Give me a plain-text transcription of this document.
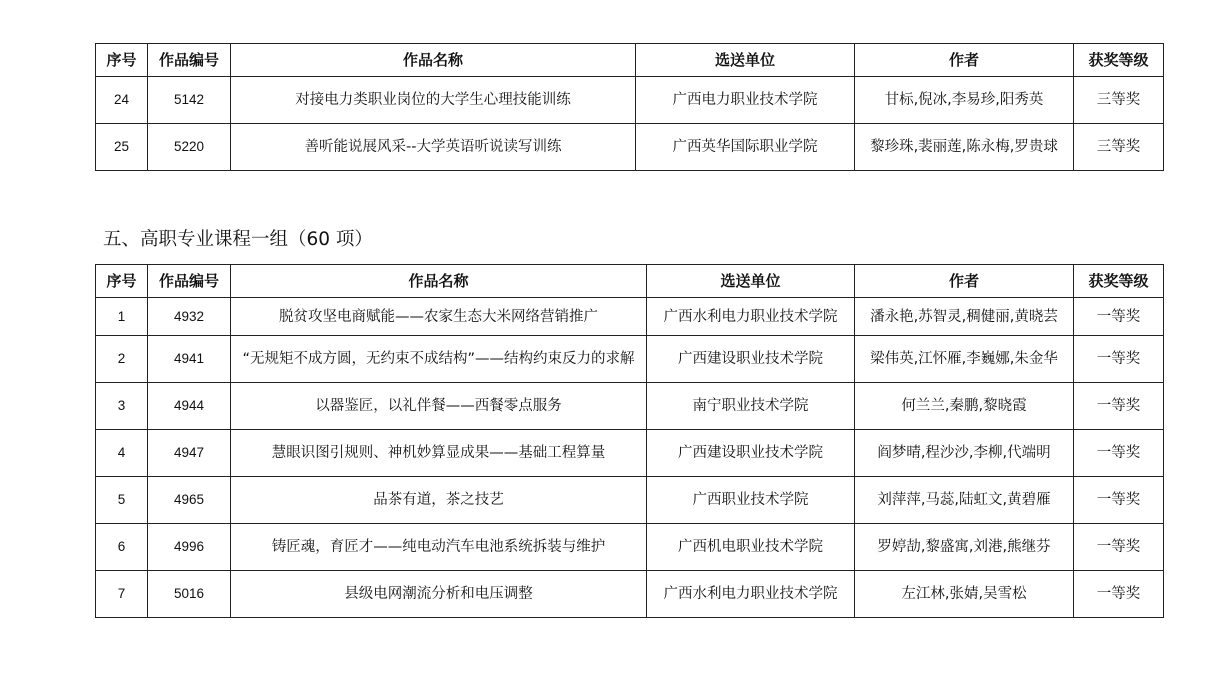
序号	作品编号	作品名称	选送单位	作者	获奖等级
24	5142	对接电力类职业岗位的大学生心理技能训练	广西电力职业技术学院	甘标,倪冰,李易珍,阳秀英	三等奖
25	5220	善听能说展风采--大学英语听说读写训练	广西英华国际职业学院	黎珍珠,裴丽莲,陈永梅,罗贵球	三等奖
五、高职专业课程一组（60 项）
序号	作品编号	作品名称	选送单位	作者	获奖等级
1	4932	脱贫攻坚电商赋能——农家生态大米网络营销推广	广西水利电力职业技术学院	潘永艳,苏智灵,稠健丽,黄晓芸	一等奖
2	4941	“无规矩不成方圆，无约束不成结构”——结构约束反力的求解	广西建设职业技术学院	梁伟英,江怀雁,李巍娜,朱金华	一等奖
3	4944	以器鉴匠，以礼伴餐——西餐零点服务	南宁职业技术学院	何兰兰,秦鹏,黎晓霞	一等奖
4	4947	慧眼识图引规则、神机妙算显成果——基础工程算量	广西建设职业技术学院	阎梦晴,程沙沙,李柳,代端明	一等奖
5	4965	品茶有道，茶之技艺	广西职业技术学院	刘萍萍,马蕊,陆虹文,黄碧雁	一等奖
6	4996	铸匠魂，育匠才——纯电动汽车电池系统拆装与维护	广西机电职业技术学院	罗婷劼,黎盛寓,刘港,熊继芬	一等奖
7	5016	县级电网潮流分析和电压调整	广西水利电力职业技术学院	左江林,张婧,吴雪松	一等奖
